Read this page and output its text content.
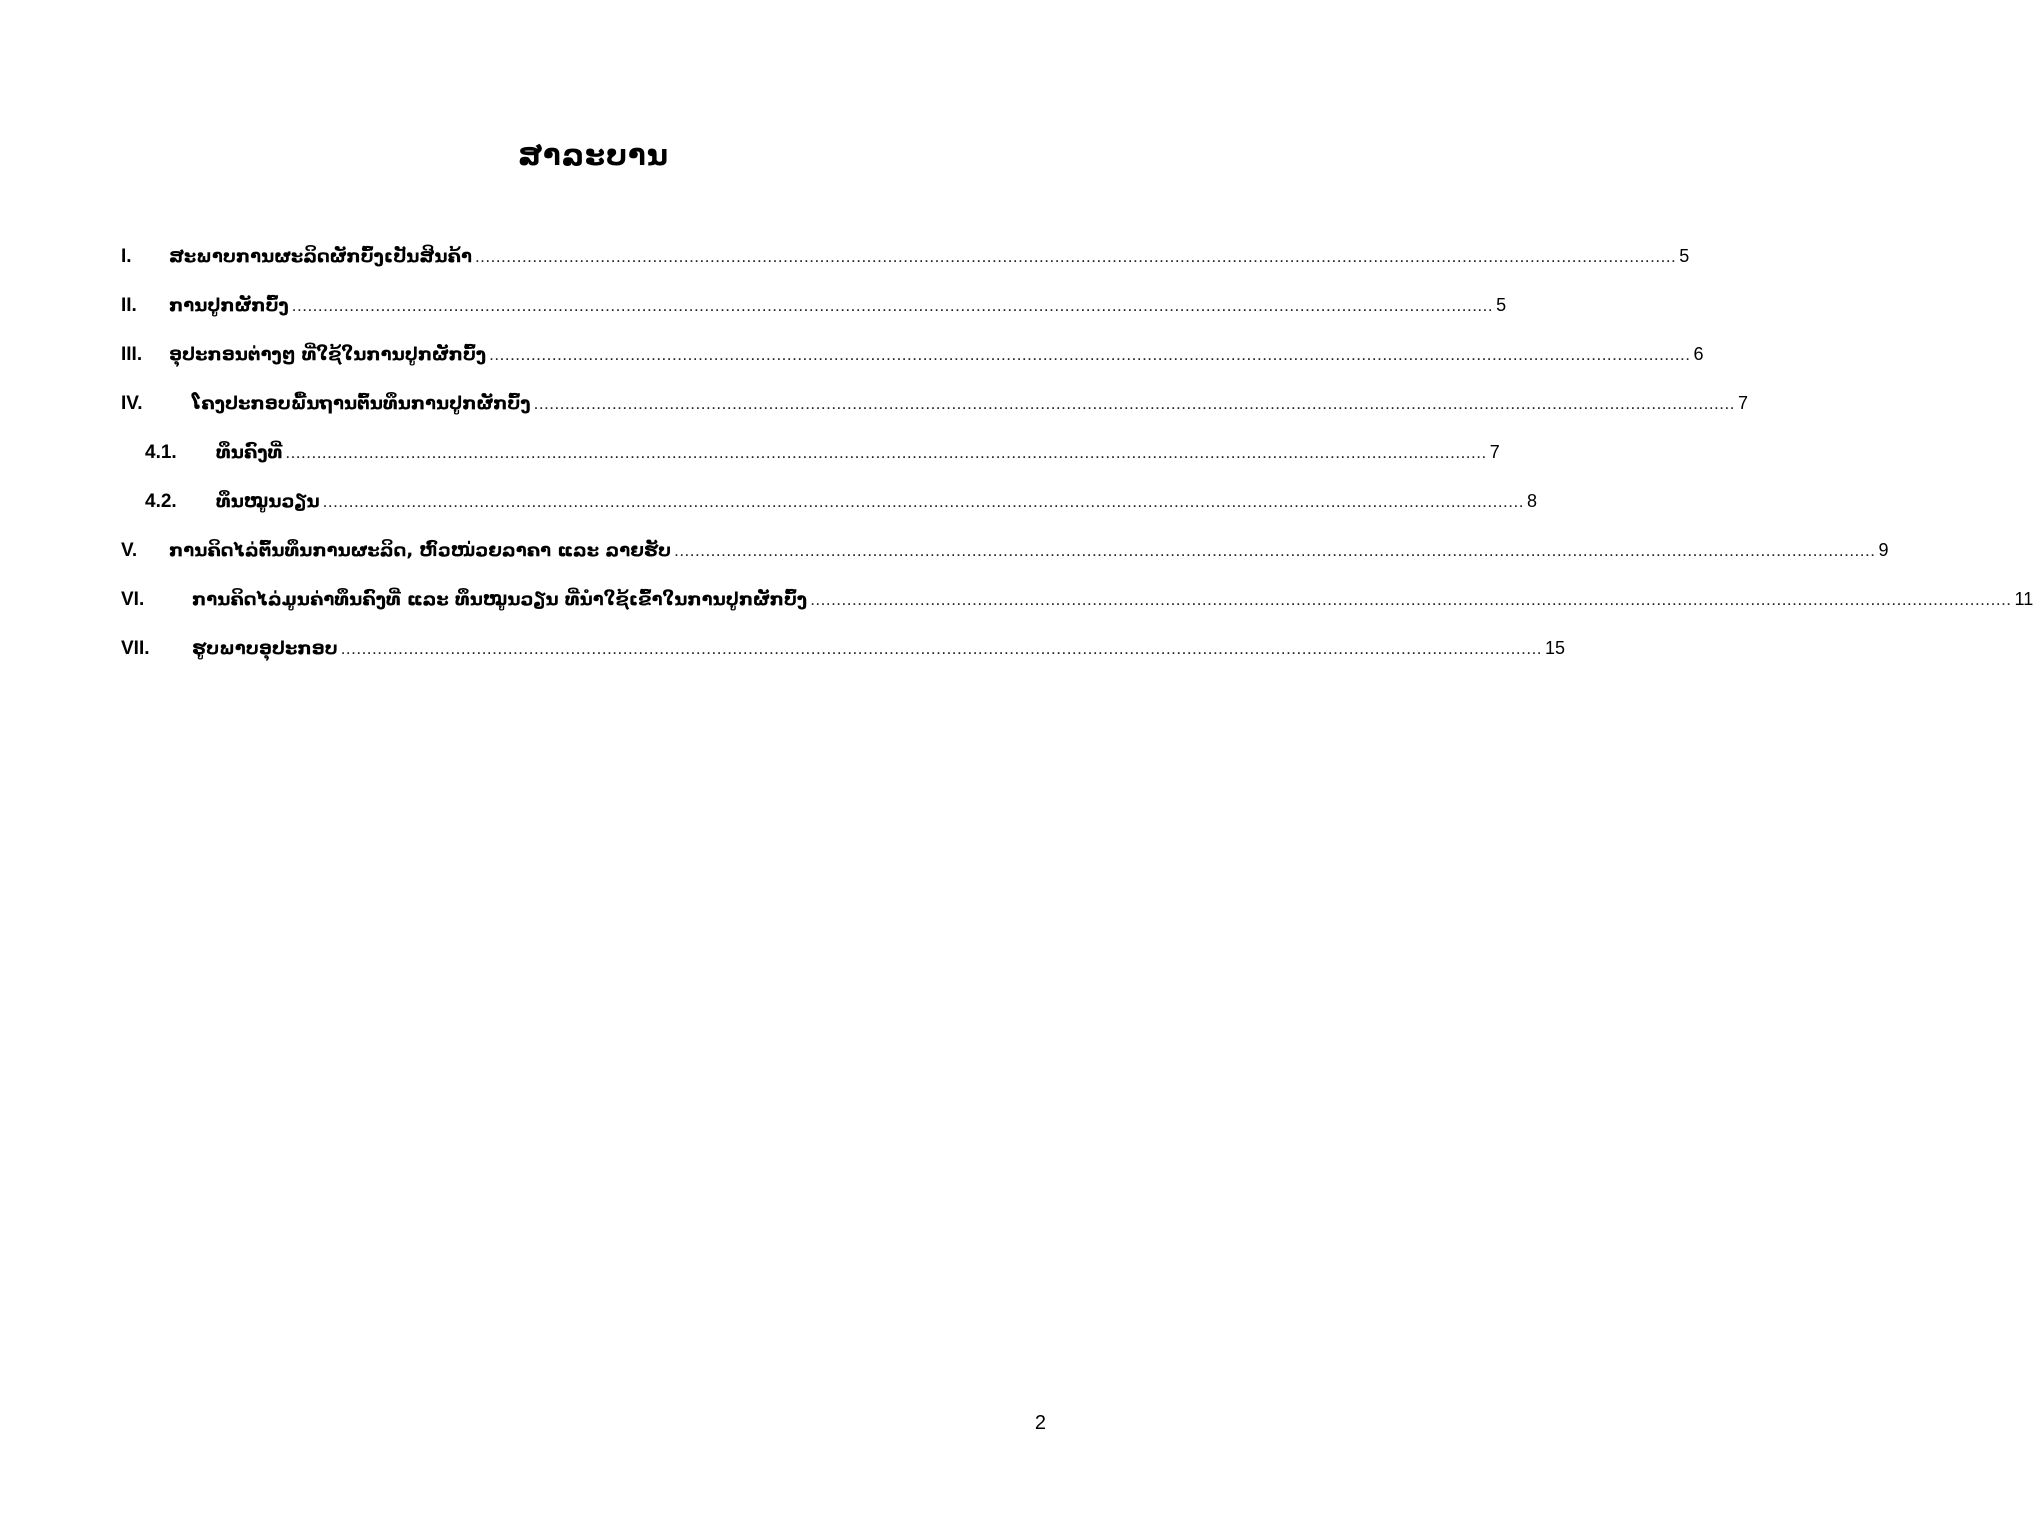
ສາລະບານ
I.	ສະພາບການຜະລິດຜັກບົ້ງເປັນສິນຄ້າ ...................................................................................................................................................................................................................................... 5
II.	ການປູກຜັກບົ້ງ ...................................................................................................................................................................................................................................... 5
III.	ອຸປະກອນຕ່າງໆ ທີ່ໃຊ້ໃນການປູກຜັກບົ້ງ ...................................................................................................................................................................................................................................... 6
IV.	ໂຄງປະກອບພື້ນຖານຕົ້ນທຶນການປູກຜັກບົ້ງ ...................................................................................................................................................................................................................................... 7
4.1.	ທຶນຄົງທີ່ ...................................................................................................................................................................................................................................... 7
4.2.	ທຶນໝູນວຽນ ...................................................................................................................................................................................................................................... 8
V.	ການຄິດໄລ່ຕົ້ນທຶນການຜະລິດ, ຫົວໜ່ວຍລາຄາ ແລະ ລາຍຮັບ ...................................................................................................................................................................................................................................... 9
VI.	ການຄິດໄລ່ມູນຄ່າທຶນຄົງທີ່ ແລະ ທຶນໝູນວຽນ ທີ່ນຳໃຊ້ເຂົ້າໃນການປູກຜັກບົ້ງ ...................................................................................................................................................................................................................................... 11
VII.	ຮູບພາບອຸປະກອບ ...................................................................................................................................................................................................................................... 15
2
